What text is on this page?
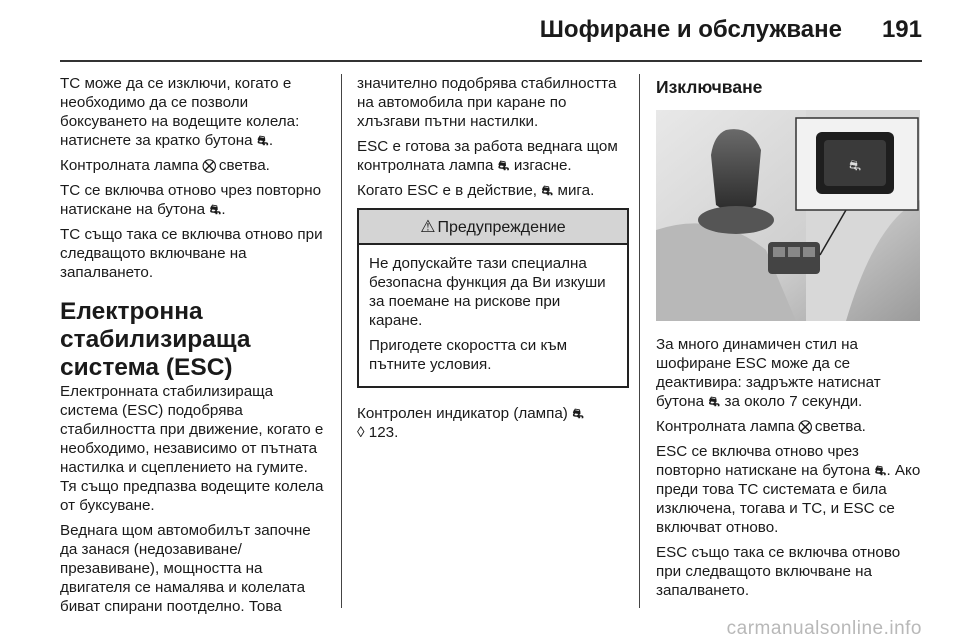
Шофиране и обслужване 191

TC може да се изключи, когато е необходимо да се позволи боксуването на водещите колела: натиснете за кратко бутона ⛐.

Контролната лампа ⛒ светва.

TC се включва отново чрез повторно натискане на бутона ⛐.

TC също така се включва отново при следващото включване на запалването.

Електронна стабилизираща система (ESC)

Електронната стабилизираща система (ESC) подобрява стабилността при движение, когато е необходимо, независимо от пътната настилка и сцеплението на гумите. Тя също предпазва водещите колела от буксуване.

Веднага щом автомобилът започне да занася (недозавиване/презавиване), мощността на двигателя се намалява и колелата биват спирани поотделно. Това

значително подобрява стабилността на автомобила при каране по хлъзгави пътни настилки.

ESC е готова за работа веднага щом контролната лампа ⛐ изгасне.

Когато ESC е в действие, ⛐ мига.

⚠ Предупреждение

Не допускайте тази специална безопасна функция да Ви изкуши за поемане на рискове при каране.

Пригодете скоростта си към пътните условия.

Контролен индикатор (лампа) ⛐
◊ 123.

Изключване
⛐

За много динамичен стил на шофиране ESC може да се деактивира: задръжте натиснат бутона ⛐ за около 7 секунди.

Контролната лампа ⛒ светва.

ESC се включва отново чрез повторно натискане на бутона ⛐. Ако преди това TC системата е била изключена, тогава и TC, и ESC се включват отново.

ESC също така се включва отново при следващото включване на запалването.

carmanualsonline.info
